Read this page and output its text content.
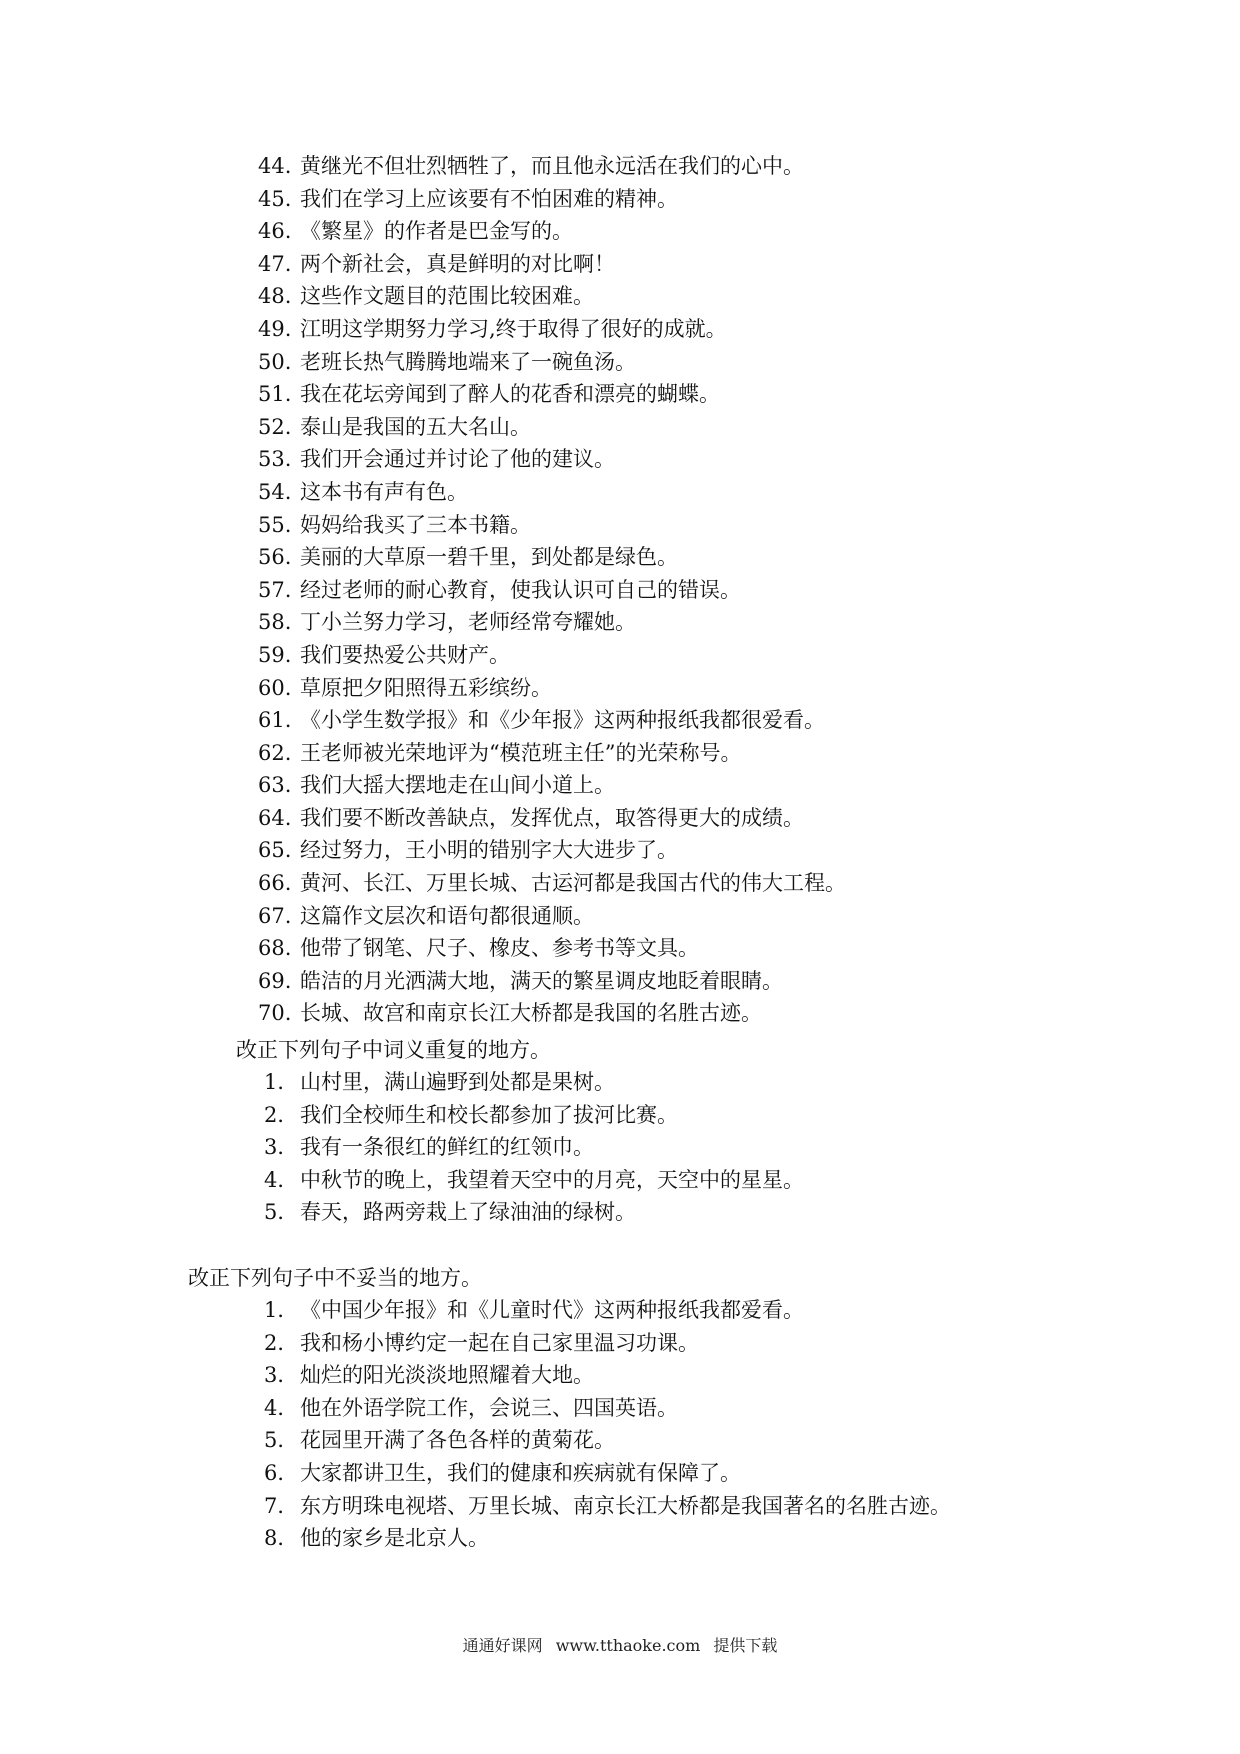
44. 黄继光不但壮烈牺牲了，而且他永远活在我们的心中。
45. 我们在学习上应该要有不怕困难的精神。
46. 《繁星》的作者是巴金写的。
47. 两个新社会，真是鲜明的对比啊！
48. 这些作文题目的范围比较困难。
49. 江明这学期努力学习,终于取得了很好的成就。
50. 老班长热气腾腾地端来了一碗鱼汤。
51. 我在花坛旁闻到了醉人的花香和漂亮的蝴蝶。
52. 泰山是我国的五大名山。
53. 我们开会通过并讨论了他的建议。
54. 这本书有声有色。
55. 妈妈给我买了三本书籍。
56. 美丽的大草原一碧千里，到处都是绿色。
57. 经过老师的耐心教育，使我认识可自己的错误。
58. 丁小兰努力学习，老师经常夸耀她。
59. 我们要热爱公共财产。
60. 草原把夕阳照得五彩缤纷。
61. 《小学生数学报》和《少年报》这两种报纸我都很爱看。
62. 王老师被光荣地评为“模范班主任”的光荣称号。
63. 我们大摇大摆地走在山间小道上。
64. 我们要不断改善缺点，发挥优点，取答得更大的成绩。
65. 经过努力，王小明的错别字大大进步了。
66. 黄河、长江、万里长城、古运河都是我国古代的伟大工程。
67. 这篇作文层次和语句都很通顺。
68. 他带了钢笔、尺子、橡皮、参考书等文具。
69. 皓洁的月光洒满大地，满天的繁星调皮地眨着眼睛。
70. 长城、故宫和南京长江大桥都是我国的名胜古迹。
改正下列句子中词义重复的地方。
1． 山村里，满山遍野到处都是果树。
2． 我们全校师生和校长都参加了拔河比赛。
3． 我有一条很红的鲜红的红领巾。
4． 中秋节的晚上，我望着天空中的月亮，天空中的星星。
5． 春天，路两旁栽上了绿油油的绿树。
改正下列句子中不妥当的地方。
1． 《中国少年报》和《儿童时代》这两种报纸我都爱看。
2． 我和杨小博约定一起在自己家里温习功课。
3． 灿烂的阳光淡淡地照耀着大地。
4． 他在外语学院工作，会说三、四国英语。
5． 花园里开满了各色各样的黄菊花。
6． 大家都讲卫生，我们的健康和疾病就有保障了。
7． 东方明珠电视塔、万里长城、南京长江大桥都是我国著名的名胜古迹。
8． 他的家乡是北京人。
通通好课网 www.tthaoke.com 提供下载
